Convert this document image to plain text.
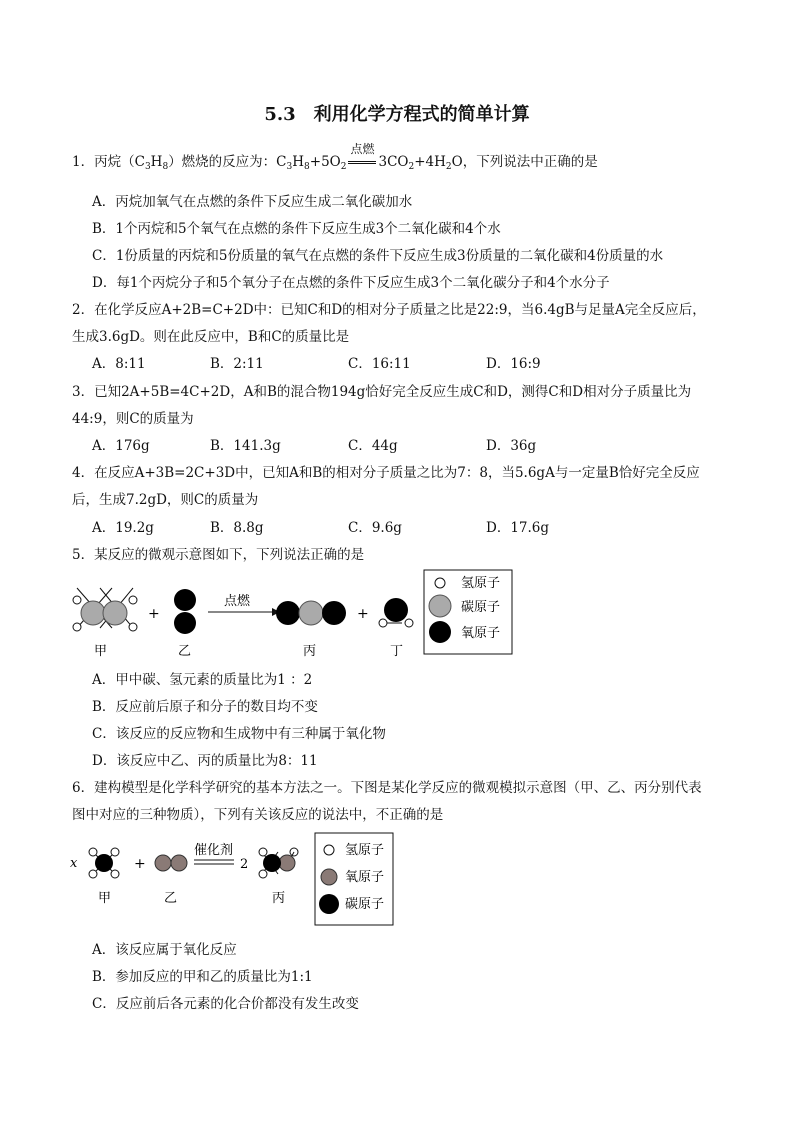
5.3　利用化学方程式的简单计算
1．丙烷$(C_3H_8)$燃烧的反应为：$C_3H_8+5O_2$
点燃
$3CO_2+4H_2O$，下列说法中正确的是
A．丙烷加氧气在点燃的条件下反应生成二氧化碳加水
B．1个丙烷和5个氧气在点燃的条件下反应生成3个二氧化碳和4个水
C．1份质量的丙烷和5份质量的氧气在点燃的条件下反应生成3份质量的二氧化碳和4份质量的水
D．每1个丙烷分子和5个氧分子在点燃的条件下反应生成3个二氧化碳分子和4个水分子
2．在化学反应A+2B=C+2D中：已知C和D的相对分子质量之比是22:9，当6.4gB与足量A完全反应后，
生成3.6gD。则在此反应中，B和C的质量比是
A．8:11	B．2:11	C．16:11	D．16:9
3．已知2A+5B=4C+2D，A和B的混合物194g恰好完全反应生成C和D，测得C和D相对分子质量比为
44:9，则C的质量为
A．176g	B．141.3g	C．44g	D．36g
4．在反应A+3B=2C+3D中，已知A和B的相对分子质量之比为7：8，当5.6gA与一定量B恰好完全反应
后，生成7.2gD，则C的质量为
A．19.2g	B．8.8g	C．9.6g	D．17.6g
5．某反应的微观示意图如下，下列说法正确的是
+
点燃
+
甲	乙	丙	丁
氢原子
碳原子
氧原子
A．甲中碳、氢元素的质量比为1 ：2
B．反应前后原子和分子的数目均不变
C．该反应的反应物和生成物中有三种属于氧化物
D．该反应中乙、丙的质量比为8：11
6．建构模型是化学科学研究的基本方法之一。下图是某化学反应的微观模拟示意图（甲、乙、丙分别代表
图中对应的三种物质），下列有关该反应的说法中，不正确的是
x	+
催化剂
2
甲	乙	丙
氢原子
氧原子
碳原子
A．该反应属于氧化反应
B．参加反应的甲和乙的质量比为1:1
C．反应前后各元素的化合价都没有发生改变
